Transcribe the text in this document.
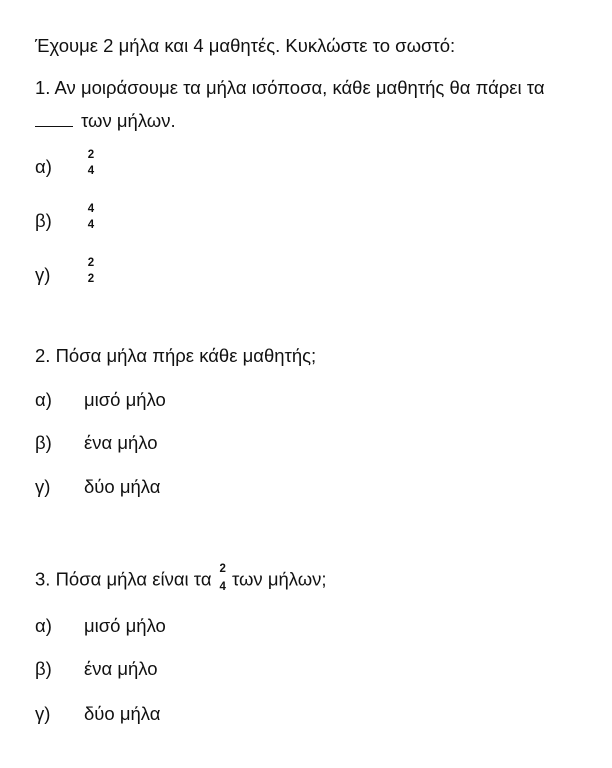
Έχουμε 2 μήλα και 4 μαθητές. Κυκλώστε το σωστό:
1. Αν μοιράσουμε τα μήλα ισόποσα, κάθε μαθητής θα πάρει τα
των μήλων.
α)
2
4
β)
4
4
γ)
2
2
2. Πόσα μήλα πήρε κάθε μαθητής;
α) μισό μήλο
β) ένα μήλο
γ) δύο μήλα
3. Πόσα μήλα είναι τα 2
4 των μήλων;
α) μισό μήλο
β) ένα μήλο
γ) δύο μήλα
